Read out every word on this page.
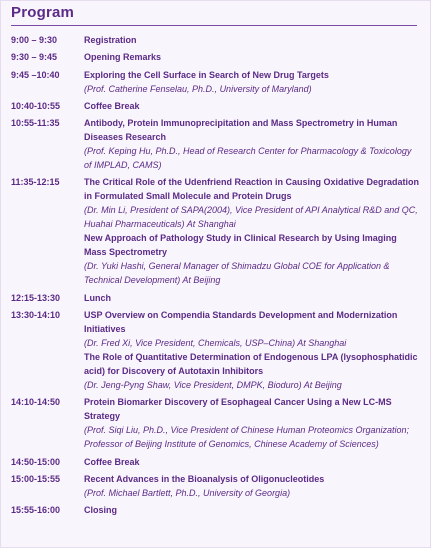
Program
9:00 – 9:30	Registration
9:30 – 9:45	Opening Remarks
9:45 –10:40	Exploring the Cell Surface in Search of New Drug Targets
(Prof. Catherine Fenselau, Ph.D., University of Maryland)
10:40-10:55	Coffee Break
10:55-11:35	Antibody, Protein Immunoprecipitation and Mass Spectrometry in Human Diseases Research
(Prof. Keping Hu, Ph.D., Head of Research Center for Pharmacology & Toxicology of IMPLAD, CAMS)
11:35-12:15	The Critical Role of the Udenfriend Reaction in Causing Oxidative Degradation in Formulated Small Molecule and Protein Drugs
(Dr. Min Li, President of SAPA(2004), Vice President of API Analytical R&D and QC, Huahai Pharmaceuticals) At Shanghai
New Approach of Pathology Study in Clinical Research by Using Imaging Mass Spectrometry
(Dr. Yuki Hashi, General Manager of Shimadzu Global COE for Application & Technical Development) At Beijing
12:15-13:30	Lunch
13:30-14:10	USP Overview on Compendia Standards Development and Modernization Initiatives
(Dr. Fred Xi, Vice President, Chemicals, USP–China) At Shanghai
The Role of Quantitative Determination of Endogenous LPA (lysophosphatidic acid) for Discovery of Autotaxin Inhibitors
(Dr. Jeng-Pyng Shaw, Vice President, DMPK, Bioduro) At Beijing
14:10-14:50	Protein Biomarker Discovery of Esophageal Cancer Using a New LC-MS Strategy
(Prof. Siqi Liu, Ph.D., Vice President of Chinese Human Proteomics Organization; Professor of Beijing Institute of Genomics, Chinese Academy of Sciences)
14:50-15:00	Coffee Break
15:00-15:55	Recent Advances in the Bioanalysis of Oligonucleotides
(Prof. Michael Bartlett, Ph.D., University of Georgia)
15:55-16:00	Closing
